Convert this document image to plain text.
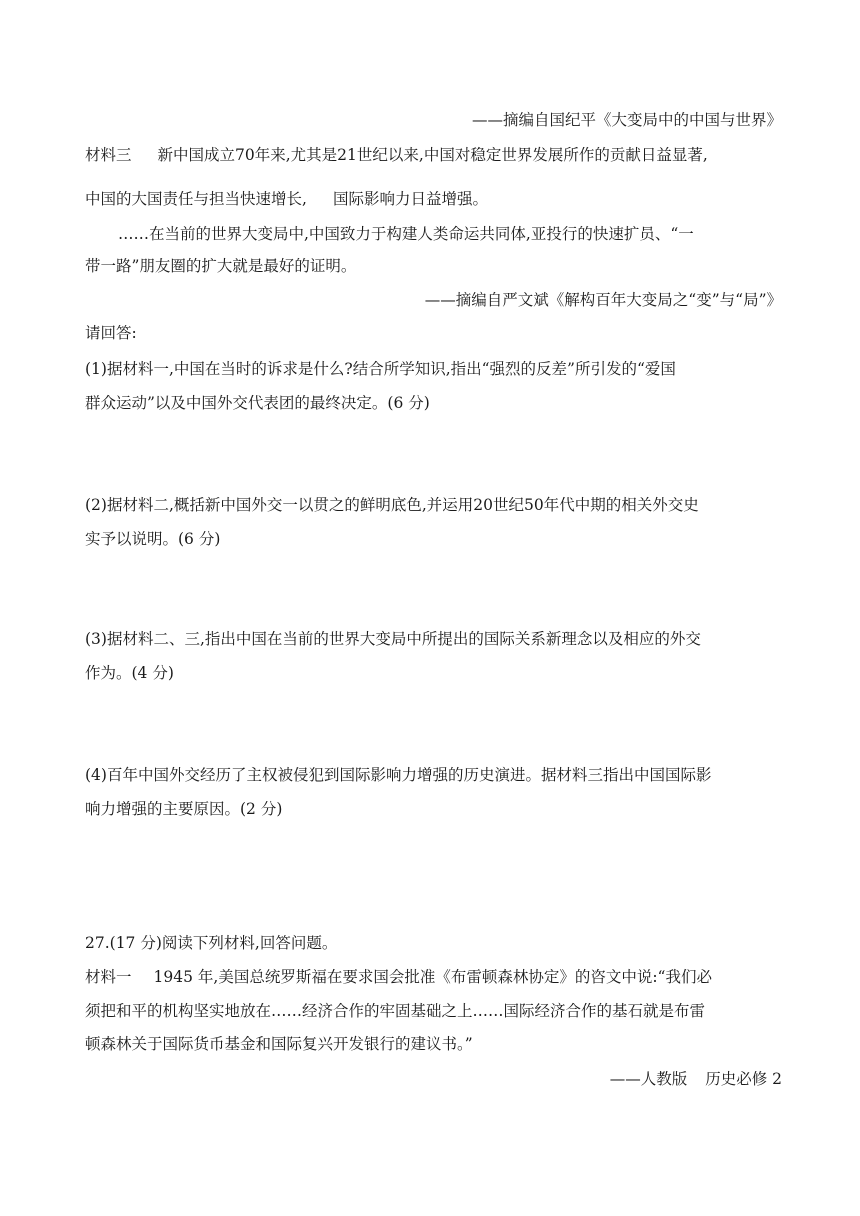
——摘编自国纪平《大变局中的中国与世界》
材料三 新中国成立70年来,尤其是21世纪以来,中国对稳定世界发展所作的贡献日益显著,
中国的大国责任与担当快速增长, 国际影响力日益增强。
……在当前的世界大变局中,中国致力于构建人类命运共同体,亚投行的快速扩员、“一
带一路”朋友圈的扩大就是最好的证明。
——摘编自严文斌《解构百年大变局之“变”与“局”》
请回答:
(1)据材料一,中国在当时的诉求是什么?结合所学知识,指出“强烈的反差”所引发的“爱国
群众运动”以及中国外交代表团的最终决定。(6 分)
(2)据材料二,概括新中国外交一以贯之的鲜明底色,并运用20世纪50年代中期的相关外交史
实予以说明。(6 分)
(3)据材料二、三,指出中国在当前的世界大变局中所提出的国际关系新理念以及相应的外交
作为。(4 分)
(4)百年中国外交经历了主权被侵犯到国际影响力增强的历史演进。据材料三指出中国国际影
响力增强的主要原因。(2 分)
27.(17 分)阅读下列材料,回答问题。
材料一 1945 年,美国总统罗斯福在要求国会批准《布雷顿森林协定》的咨文中说:“我们必
须把和平的机构坚实地放在……经济合作的牢固基础之上……国际经济合作的基石就是布雷
顿森林关于国际货币基金和国际复兴开发银行的建议书。”
——人教版 历史必修 2
